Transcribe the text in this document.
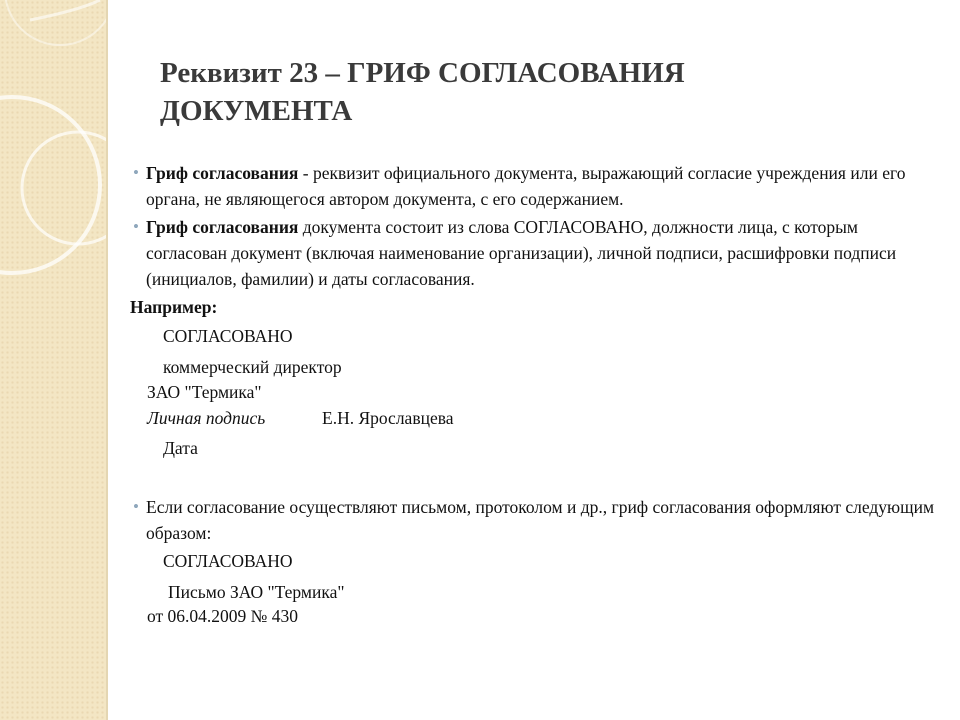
Реквизит 23 – ГРИФ СОГЛАСОВАНИЯ
ДОКУМЕНТА
• Гриф согласования - реквизит официального документа, выражающий согласие учреждения или его органа, не являющегося автором документа, с его содержанием.
• Гриф согласования документа состоит из слова СОГЛАСОВАНО, должности лица, с которым согласован документ (включая наименование организации), личной подписи, расшифровки подписи (инициалов, фамилии) и даты согласования.
Например:
СОГЛАСОВАНО
коммерческий директор
ЗАО "Термика"
Личная подпись	Е.Н. Ярославцева
Дата
• Если согласование осуществляют письмом, протоколом и др., гриф согласования оформляют следующим образом:
СОГЛАСОВАНО
Письмо ЗАО "Термика"
от 06.04.2009 № 430
